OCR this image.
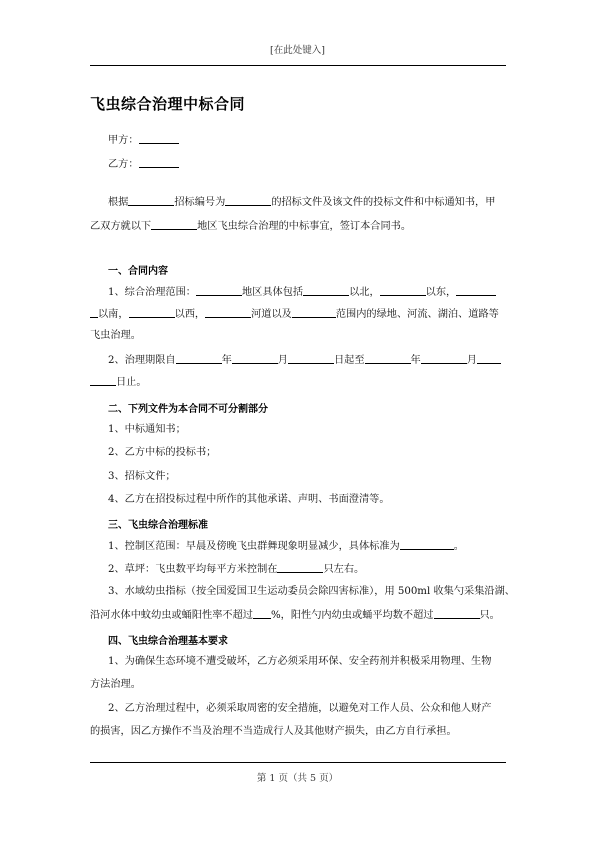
[在此处键入]
飞虫综合治理中标合同
甲方：
乙方：
根据	招标编号为	的招标文件及该文件的投标文件和中标通知书，甲
乙双方就以下	地区飞虫综合治理的中标事宜，签订本合同书。
一、合同内容
1、综合治理范围：	地区具体包括	以北，	以东，
以南，	以西，	河道以及	范围内的绿地、河流、湖泊、道路等
飞虫治理。
2、治理期限自	年	月	日起至	年	月
日止。
二、下列文件为本合同不可分割部分
1、中标通知书；
2、乙方中标的投标书；
3、招标文件；
4、乙方在招投标过程中所作的其他承诺、声明、书面澄清等。
三、飞虫综合治理标准
1、控制区范围：早晨及傍晚飞虫群舞现象明显减少，具体标准为	。
2、草坪：飞虫数平均每平方米控制在	只左右。
3、水域幼虫指标（按全国爱国卫生运动委员会除四害标准），用 500ml 收集勺采集沿湖、
沿河水体中蚊幼虫或蛹阳性率不超过 %，阳性勺内幼虫或蛹平均数不超过	只。
四、飞虫综合治理基本要求
1、为确保生态环境不遭受破坏，乙方必须采用环保、安全药剂并积极采用物理、生物
方法治理。
2、乙方治理过程中，必须采取周密的安全措施，以避免对工作人员、公众和他人财产
的损害，因乙方操作不当及治理不当造成行人及其他财产损失，由乙方自行承担。
第 1 页（共 5 页）
